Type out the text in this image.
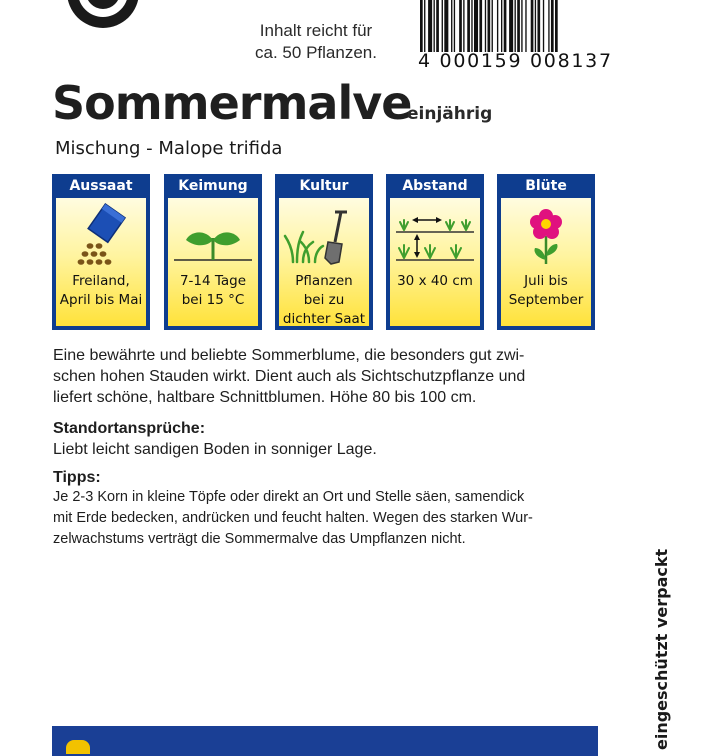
Inhalt reicht für
ca. 50 Pflanzen.	4 000159 008137
Sommermalve
einjährig
Mischung - Malope trifida
Aussaat
Freiland,
April bis Mai
Keimung
7-14 Tage
bei 15 °C
Kultur
Pflanzen
bei zu
dichter Saat
Abstand
30 x 40 cm
Blüte
Juli bis
September
Eine bewährte und beliebte Sommerblume, die besonders gut zwi-
schen hohen Stauden wirkt. Dient auch als Sichtschutzpflanze und
liefert schöne, haltbare Schnittblumen. Höhe 80 bis 100 cm.
Standortansprüche:
Liebt leicht sandigen Boden in sonniger Lage.
Tipps:
Je 2-3 Korn in kleine Töpfe oder direkt an Ort und Stelle säen, samendick
mit Erde bedecken, andrücken und feucht halten. Wegen des starken Wur-
zelwachstums verträgt die Sommermalve das Umpflanzen nicht.
eingeschützt verpackt
